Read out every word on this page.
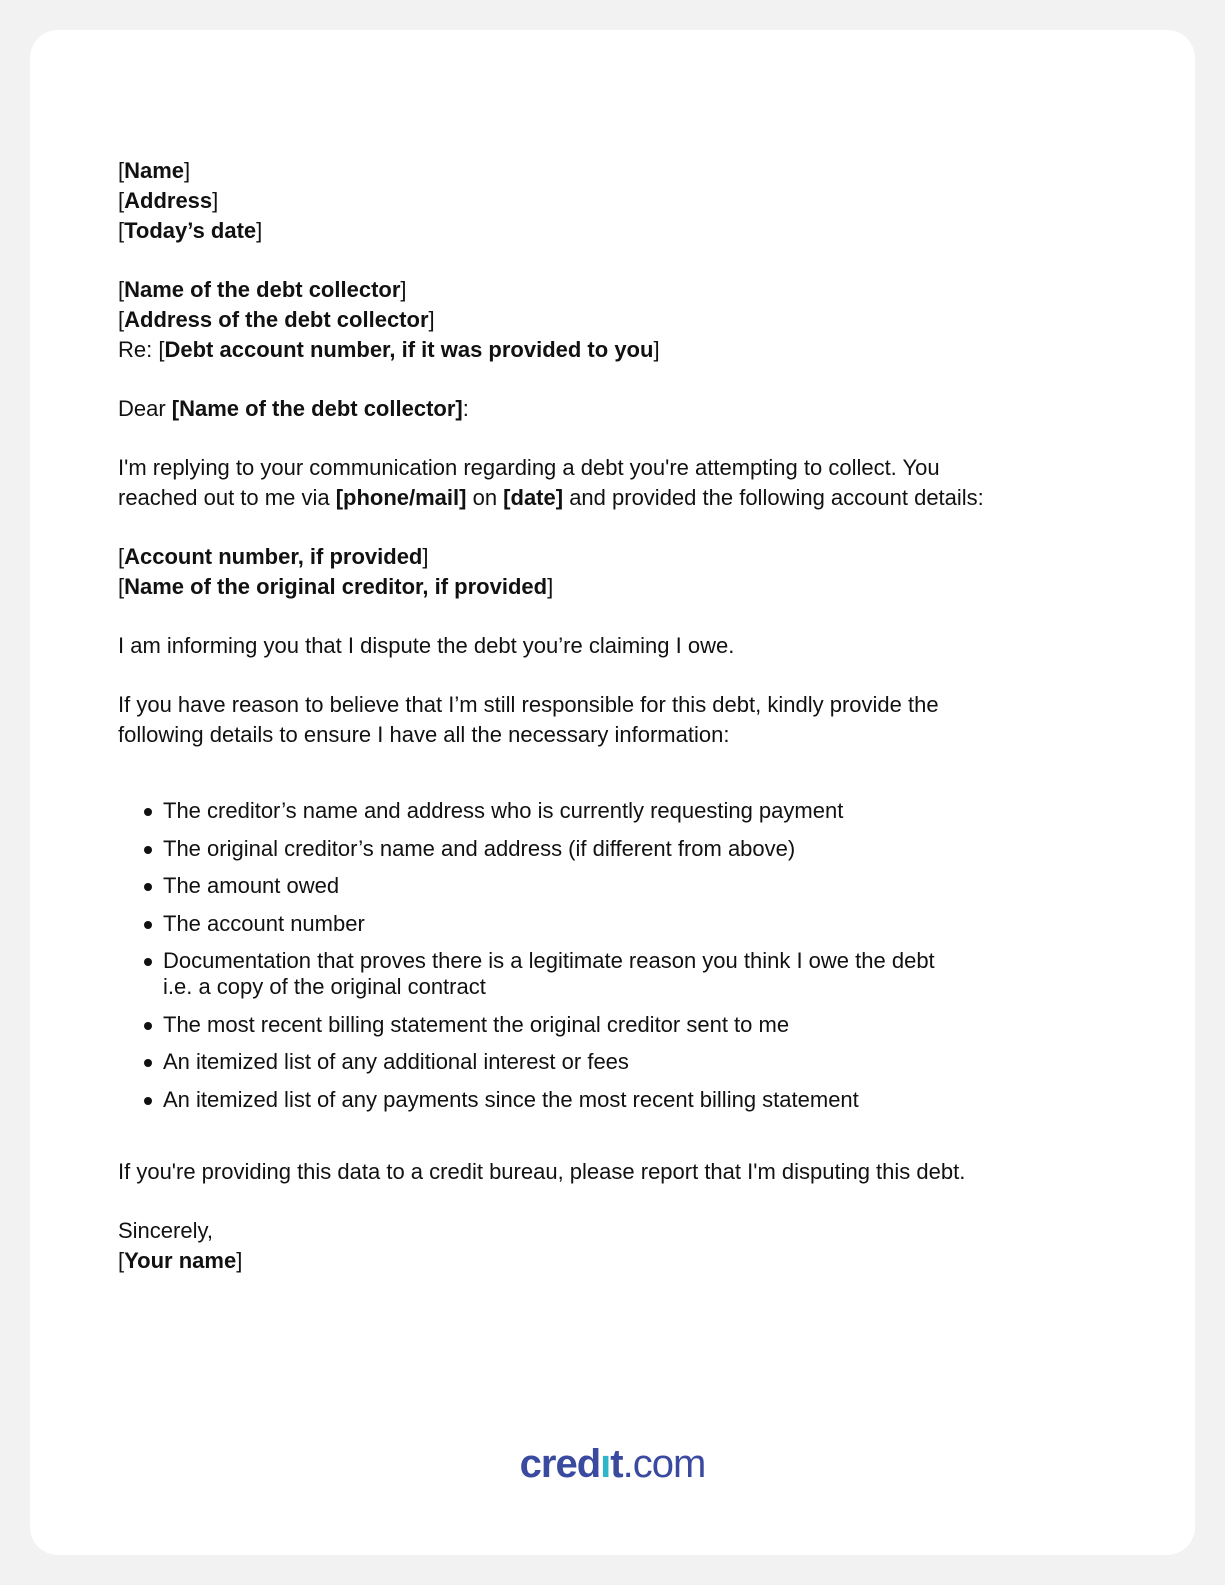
[Name]
[Address]
[Today’s date]
[Name of the debt collector]
[Address of the debt collector]
Re: [Debt account number, if it was provided to you]
Dear [Name of the debt collector]:
I'm replying to your communication regarding a debt you're attempting to collect. You
reached out to me via [phone/mail] on [date] and provided the following account details:
[Account number, if provided]
[Name of the original creditor, if provided]
I am informing you that I dispute the debt you’re claiming I owe.
If you have reason to believe that I’m still responsible for this debt, kindly provide the
following details to ensure I have all the necessary information:
The creditor’s name and address who is currently requesting payment
The original creditor’s name and address (if different from above)
The amount owed
The account number
Documentation that proves there is a legitimate reason you think I owe the debt
i.e. a copy of the original contract
The most recent billing statement the original creditor sent to me
An itemized list of any additional interest or fees
An itemized list of any payments since the most recent billing statement
If you're providing this data to a credit bureau, please report that I'm disputing this debt.
Sincerely,
[Your name]
credıt.com
